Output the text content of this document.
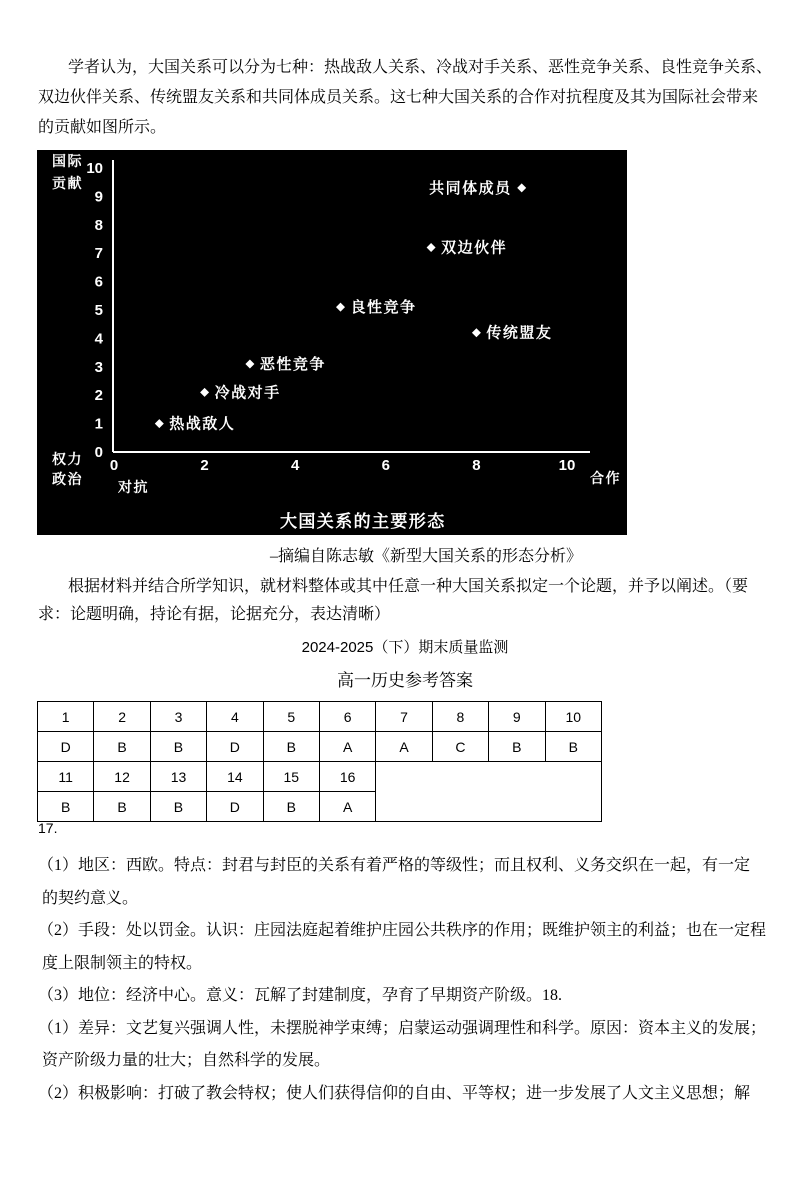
学者认为，大国关系可以分为七种：热战敌人关系、冷战对手关系、恶性竞争关系、良性竞争关系、
双边伙伴关系、传统盟友关系和共同体成员关系。这七种大国关系的合作对抗程度及其为国际社会带来
的贡献如图所示。
0
1
2
3
4
5
6
7
8
9
10
0	2	4	6	8	10
热战敌人
冷战对手
恶性竞争
良性竞争
双边伙伴
传统盟友
共同体成员
国际贡献
权力政治	对抗
合作
大国关系的主要形态
–摘编自陈志敏《新型大国关系的形态分析》
根据材料并结合所学知识，就材料整体或其中任意一种大国关系拟定一个论题，并予以阐述。（要
求：论题明确，持论有据，论据充分，表达清晰）
2024-2025（下）期末质量监测
高一历史参考答案
1	2	3	4	5	6	7	8	9	10
D	B	B	D	B	A	A	C	B	B
11	12	13	14	15	16				
B	B	B	D	B	A				
17.
（1）地区：西欧。特点：封君与封臣的关系有着严格的等级性；而且权利、义务交织在一起，有一定
的契约意义。
（2）手段：处以罚金。认识：庄园法庭起着维护庄园公共秩序的作用；既维护领主的利益；也在一定程
度上限制领主的特权。
（3）地位：经济中心。意义：瓦解了封建制度，孕育了早期资产阶级。18.
（1）差异：文艺复兴强调人性，未摆脱神学束缚；启蒙运动强调理性和科学。原因：资本主义的发展；
资产阶级力量的壮大；自然科学的发展。
（2）积极影响：打破了教会特权；使人们获得信仰的自由、平等权；进一步发展了人文主义思想；解
